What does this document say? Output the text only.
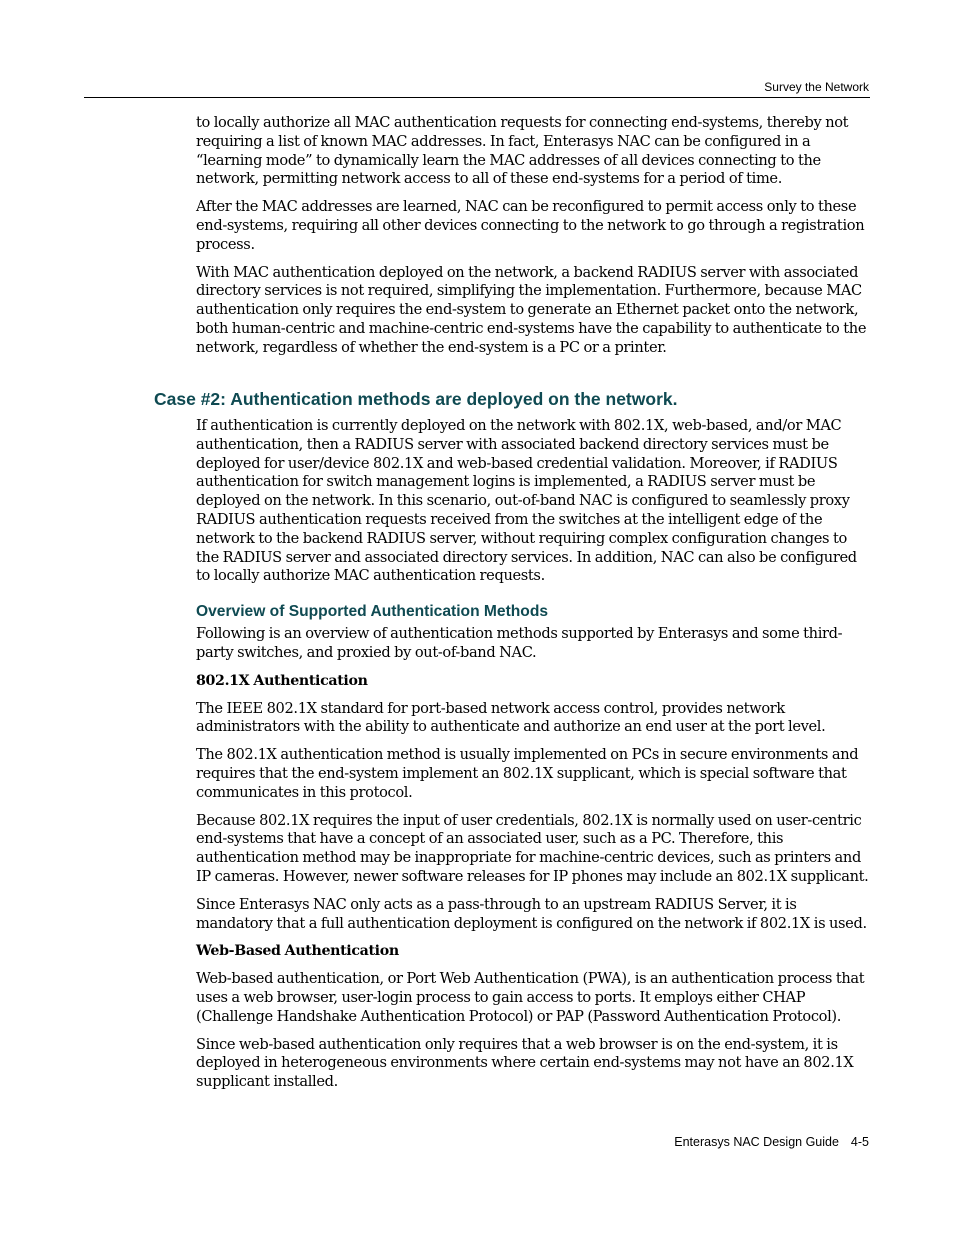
Survey the Network

to locally authorize all MAC authentication requests for connecting end-systems, thereby not requiring a list of known MAC addresses. In fact, Enterasys NAC can be configured in a “learning mode” to dynamically learn the MAC addresses of all devices connecting to the network, permitting network access to all of these end-systems for a period of time.

After the MAC addresses are learned, NAC can be reconfigured to permit access only to these end-systems, requiring all other devices connecting to the network to go through a registration process.

With MAC authentication deployed on the network, a backend RADIUS server with associated directory services is not required, simplifying the implementation. Furthermore, because MAC authentication only requires the end-system to generate an Ethernet packet onto the network, both human-centric and machine-centric end-systems have the capability to authenticate to the network, regardless of whether the end-system is a PC or a printer.

Case #2: Authentication methods are deployed on the network.

If authentication is currently deployed on the network with 802.1X, web-based, and/or MAC authentication, then a RADIUS server with associated backend directory services must be deployed for user/device 802.1X and web-based credential validation. Moreover, if RADIUS authentication for switch management logins is implemented, a RADIUS server must be deployed on the network. In this scenario, out-of-band NAC is configured to seamlessly proxy RADIUS authentication requests received from the switches at the intelligent edge of the network to the backend RADIUS server, without requiring complex configuration changes to the RADIUS server and associated directory services. In addition, NAC can also be configured to locally authorize MAC authentication requests.

Overview of Supported Authentication Methods

Following is an overview of authentication methods supported by Enterasys and some third-party switches, and proxied by out-of-band NAC.

802.1X Authentication

The IEEE 802.1X standard for port-based network access control, provides network administrators with the ability to authenticate and authorize an end user at the port level.

The 802.1X authentication method is usually implemented on PCs in secure environments and requires that the end-system implement an 802.1X supplicant, which is special software that communicates in this protocol.

Because 802.1X requires the input of user credentials, 802.1X is normally used on user-centric end-systems that have a concept of an associated user, such as a PC. Therefore, this authentication method may be inappropriate for machine-centric devices, such as printers and IP cameras. However, newer software releases for IP phones may include an 802.1X supplicant.

Since Enterasys NAC only acts as a pass-through to an upstream RADIUS Server, it is mandatory that a full authentication deployment is configured on the network if 802.1X is used.

Web-Based Authentication

Web-based authentication, or Port Web Authentication (PWA), is an authentication process that uses a web browser, user-login process to gain access to ports. It employs either CHAP (Challenge Handshake Authentication Protocol) or PAP (Password Authentication Protocol).

Since web-based authentication only requires that a web browser is on the end-system, it is deployed in heterogeneous environments where certain end-systems may not have an 802.1X supplicant installed.

Enterasys NAC Design Guide 4-5
